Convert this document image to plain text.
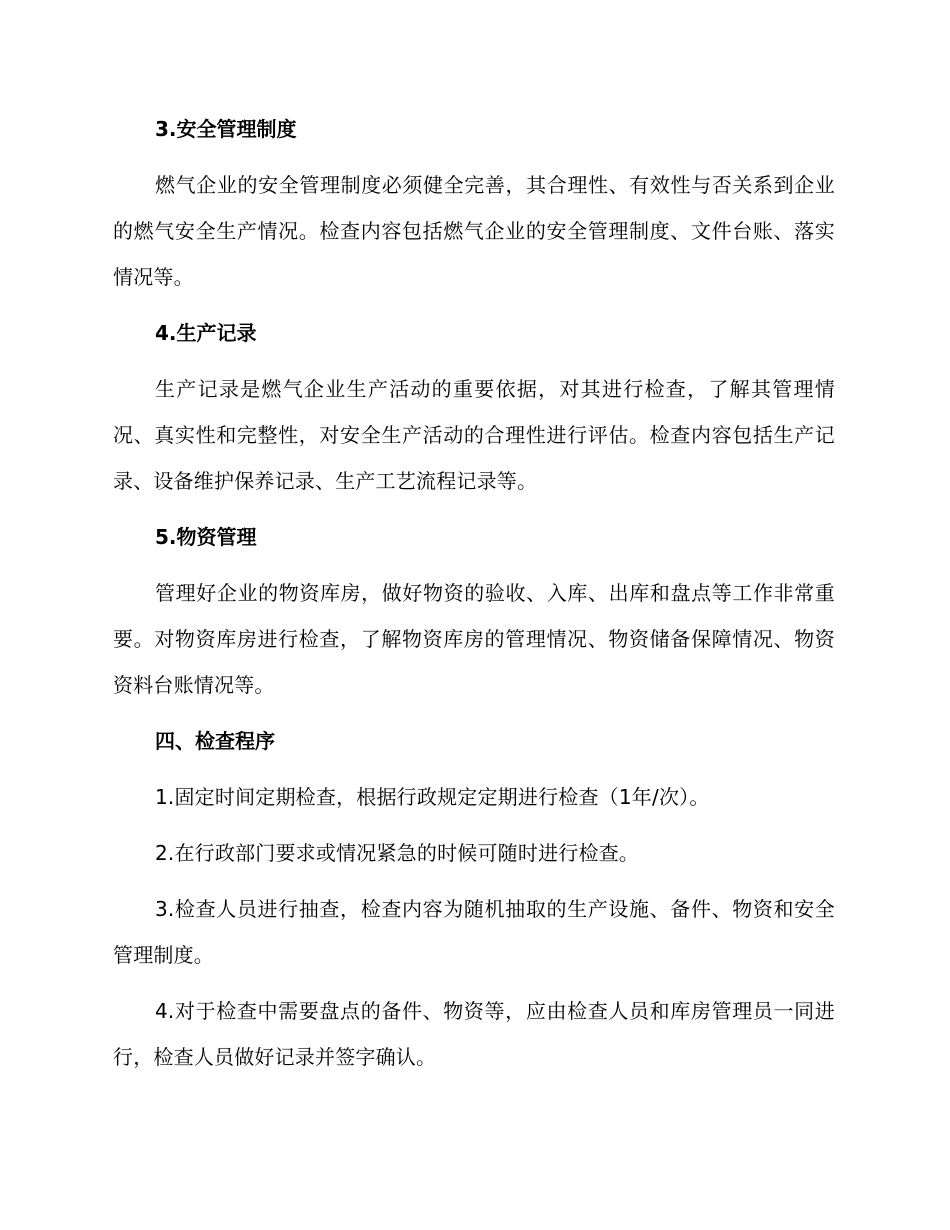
3.安全管理制度
燃气企业的安全管理制度必须健全完善，其合理性、有效性与否关系到企业的燃气安全生产情况。检查内容包括燃气企业的安全管理制度、文件台账、落实情况等。
4.生产记录
生产记录是燃气企业生产活动的重要依据，对其进行检查，了解其管理情况、真实性和完整性，对安全生产活动的合理性进行评估。检查内容包括生产记录、设备维护保养记录、生产工艺流程记录等。
5.物资管理
管理好企业的物资库房，做好物资的验收、入库、出库和盘点等工作非常重要。对物资库房进行检查，了解物资库房的管理情况、物资储备保障情况、物资资料台账情况等。
四、检查程序
1.固定时间定期检查，根据行政规定定期进行检查（1年/次）。
2.在行政部门要求或情况紧急的时候可随时进行检查。
3.检查人员进行抽查，检查内容为随机抽取的生产设施、备件、物资和安全管理制度。
4.对于检查中需要盘点的备件、物资等，应由检查人员和库房管理员一同进行，检查人员做好记录并签字确认。
